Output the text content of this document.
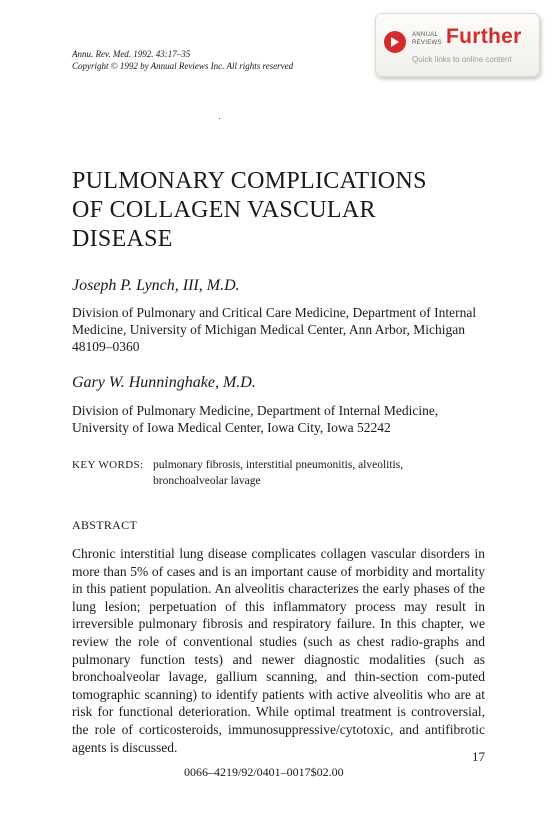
Annu. Rev. Med. 1992. 43:17–35
Copyright © 1992 by Annual Reviews Inc. All rights reserved
ANNUAL
REVIEWS Further
Quick links to online content
PULMONARY COMPLICATIONS
OF COLLAGEN VASCULAR
DISEASE
Joseph P. Lynch, III, M.D.
Division of Pulmonary and Critical Care Medicine, Department of Internal Medicine, University of Michigan Medical Center, Ann Arbor, Michigan 48109–0360
Gary W. Hunninghake, M.D.
Division of Pulmonary Medicine, Department of Internal Medicine, University of Iowa Medical Center, Iowa City, Iowa 52242
KEY WORDS: pulmonary fibrosis, interstitial pneumonitis, alveolitis,
bronchoalveolar lavage
ABSTRACT

Chronic interstitial lung disease complicates collagen vascular disorders in more than 5% of cases and is an important cause of morbidity and mortality in this patient population. An alveolitis characterizes the early phases of the lung lesion; perpetuation of this inflammatory process may result in irreversible pulmonary fibrosis and respiratory failure. In this chapter, we review the role of conventional studies (such as chest radio-graphs and pulmonary function tests) and newer diagnostic modalities (such as bronchoalveolar lavage, gallium scanning, and thin-section com-puted tomographic scanning) to identify patients with active alveolitis who are at risk for functional deterioration. While optimal treatment is controversial, the role of corticosteroids, immunosuppressive/cytotoxic, and antifibrotic agents is discussed.

17
0066–4219/92/0401–0017$02.00
